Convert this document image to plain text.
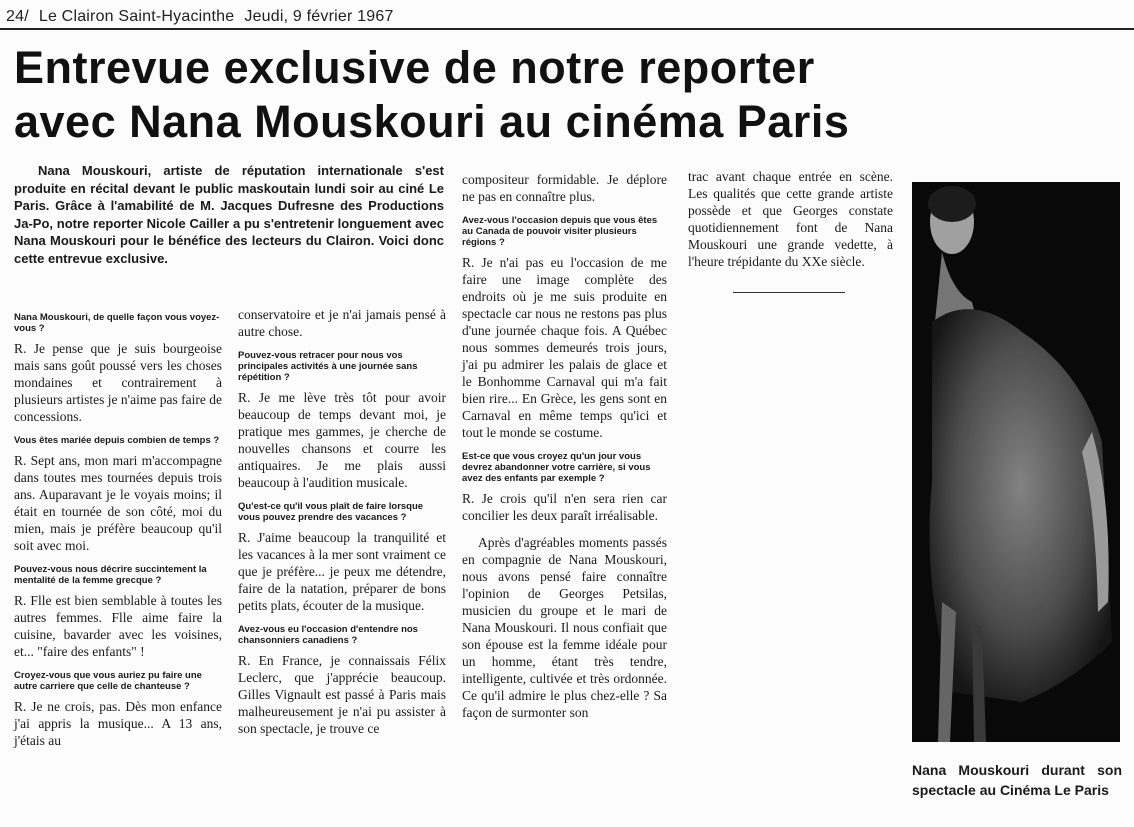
24/ Le Clairon Saint-Hyacinthe Jeudi, 9 février 1967
Entrevue exclusive de notre reporter
avec Nana Mouskouri au cinéma Paris
Nana Mouskouri, artiste de réputation internationale s'est produite en récital devant le public maskoutain lundi soir au ciné Le Paris. Grâce à l'amabilité de M. Jacques Dufresne des Productions Ja-Po, notre reporter Nicole Cailler a pu s'entretenir longuement avec Nana Mouskouri pour le bénéfice des lecteurs du Clairon. Voici donc cette entrevue exclusive.
Nana Mouskouri, de quelle façon vous voyez-vous ?
R. Je pense que je suis bourgeoise mais sans goût poussé vers les choses mondaines et contrairement à plusieurs artistes je n'aime pas faire de concessions.
Vous êtes mariée depuis combien de temps ?
R. Sept ans, mon mari m'accompagne dans toutes mes tournées depuis trois ans. Auparavant je le voyais moins; il était en tournée de son côté, moi du mien, mais je préfère beaucoup qu'il soit avec moi.
Pouvez-vous nous décrire succintement la mentalité de la femme grecque ?
R. Flle est bien semblable à toutes les autres femmes. Flle aime faire la cuisine, bavarder avec les voisines, et... "faire des enfants" !
Croyez-vous que vous auriez pu faire une autre carriere que celle de chanteuse ?
R. Je ne crois, pas. Dès mon enfance j'ai appris la musique... A 13 ans, j'étais au
conservatoire et je n'ai jamais pensé à autre chose.
Pouvez-vous retracer pour nous vos principales activités à une journée sans répétition ?
R. Je me lève très tôt pour avoir beaucoup de temps devant moi, je pratique mes gammes, je cherche de nouvelles chansons et courre les antiquaires. Je me plais aussi beaucoup à l'audition musicale.
Qu'est-ce qu'il vous plaît de faire lorsque vous pouvez prendre des vacances ?
R. J'aime beaucoup la tranquilité et les vacances à la mer sont vraiment ce que je préfère... je peux me détendre, faire de la natation, préparer de bons petits plats, écouter de la musique.
Avez-vous eu l'occasion d'entendre nos chansonniers canadiens ?
R. En France, je connaissais Félix Leclerc, que j'apprécie beaucoup. Gilles Vignault est passé à Paris mais malheureusement je n'ai pu assister à son spectacle, je trouve ce
compositeur formidable. Je déplore ne pas en connaître plus.
Avez-vous l'occasion depuis que vous êtes au Canada de pouvoir visiter plusieurs régions ?
R. Je n'ai pas eu l'occasion de me faire une image complète des endroits où je me suis produite en spectacle car nous ne restons pas plus d'une journée chaque fois. A Québec nous sommes demeurés trois jours, j'ai pu admirer les palais de glace et le Bonhomme Carnaval qui m'a fait bien rire... En Grèce, les gens sont en Carnaval en même temps qu'ici et tout le monde se costume.
Est-ce que vous croyez qu'un jour vous devrez abandonner votre carrière, si vous avez des enfants par exemple ?
R. Je crois qu'il n'en sera rien car concilier les deux paraît irréalisable.
Après d'agréables moments passés en compagnie de Nana Mouskouri, nous avons pensé faire connaître l'opinion de Georges Petsilas, musicien du groupe et le mari de Nana Mouskouri. Il nous confiait que son épouse est la femme idéale pour un homme, étant très tendre, intelligente, cultivée et très ordonnée. Ce qu'il admire le plus chez-elle ? Sa façon de surmonter son
trac avant chaque entrée en scène. Les qualités que cette grande artiste possède et que Georges constate quotidiennement font de Nana Mouskouri une grande vedette, à l'heure trépidante du XXe siècle.
Nana Mouskouri durant son spectacle au Cinéma Le Paris
